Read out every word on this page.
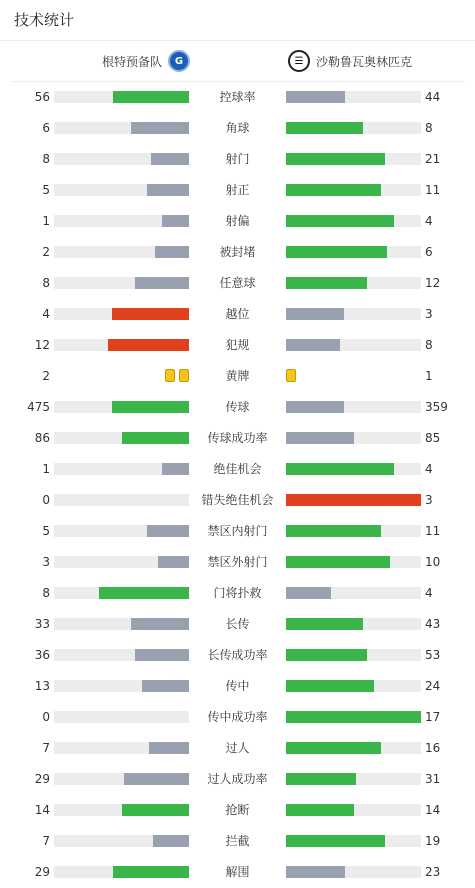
技术统计
根特预备队	G	☰	沙勒鲁瓦奥林匹克
56	控球率	44
6	角球	8
8	射门	21
5	射正	11
1	射偏	4
2	被封堵	6
8	任意球	12
4	越位	3
12	犯规	8
2	黄牌	1
475	传球	359
86	传球成功率	85
1	绝佳机会	4
0	错失绝佳机会	3
5	禁区内射门	11
3	禁区外射门	10
8	门将扑救	4
33	长传	43
36	长传成功率	53
13	传中	24
0	传中成功率	17
7	过人	16
29	过人成功率	31
14	抢断	14
7	拦截	19
29	解围	23
